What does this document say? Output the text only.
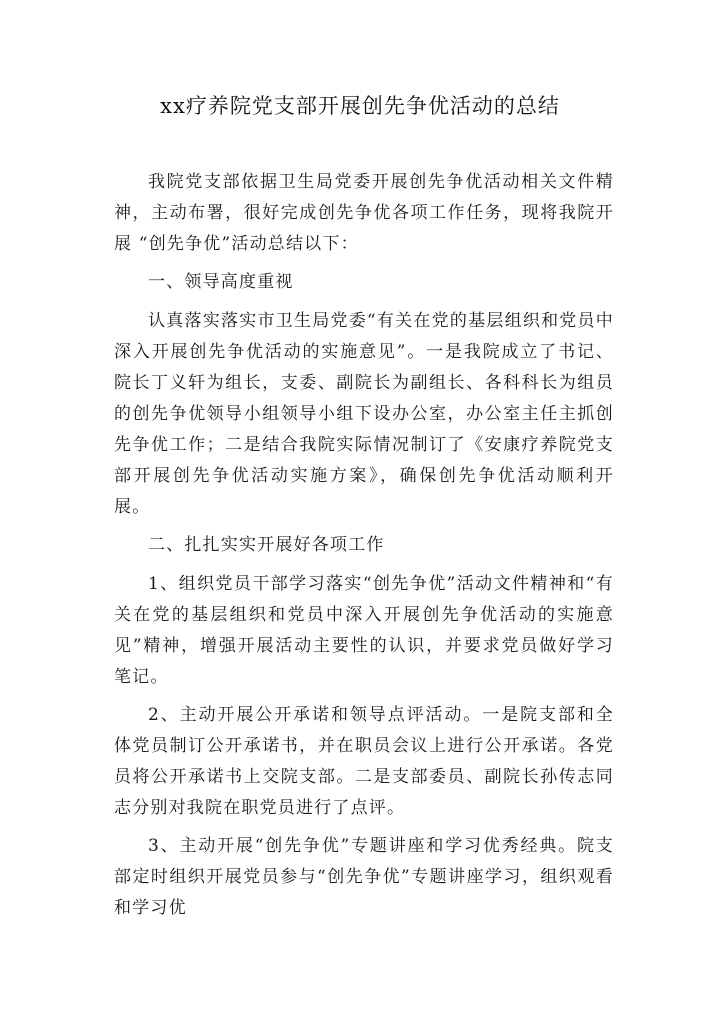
xx疗养院党支部开展创先争优活动的总结

我院党支部依据卫生局党委开展创先争优活动相关文件精神，主动布署，很好完成创先争优各项工作任务，现将我院开展 “创先争优”活动总结以下：

一、领导高度重视

认真落实落实市卫生局党委“有关在党的基层组织和党员中深入开展创先争优活动的实施意见”。一是我院成立了书记、院长丁义轩为组长，支委、副院长为副组长、各科科长为组员的创先争优领导小组领导小组下设办公室，办公室主任主抓创先争优工作；二是结合我院实际情况制订了《安康疗养院党支部开展创先争优活动实施方案》，确保创先争优活动顺利开展。

二、扎扎实实开展好各项工作

1、组织党员干部学习落实“创先争优”活动文件精神和“有关在党的基层组织和党员中深入开展创先争优活动的实施意见”精神，增强开展活动主要性的认识，并要求党员做好学习笔记。

2、主动开展公开承诺和领导点评活动。一是院支部和全体党员制订公开承诺书，并在职员会议上进行公开承诺。各党员将公开承诺书上交院支部。二是支部委员、副院长孙传志同志分别对我院在职党员进行了点评。

3、主动开展“创先争优”专题讲座和学习优秀经典。院支部定时组织开展党员参与“创先争优”专题讲座学习，组织观看和学习优
